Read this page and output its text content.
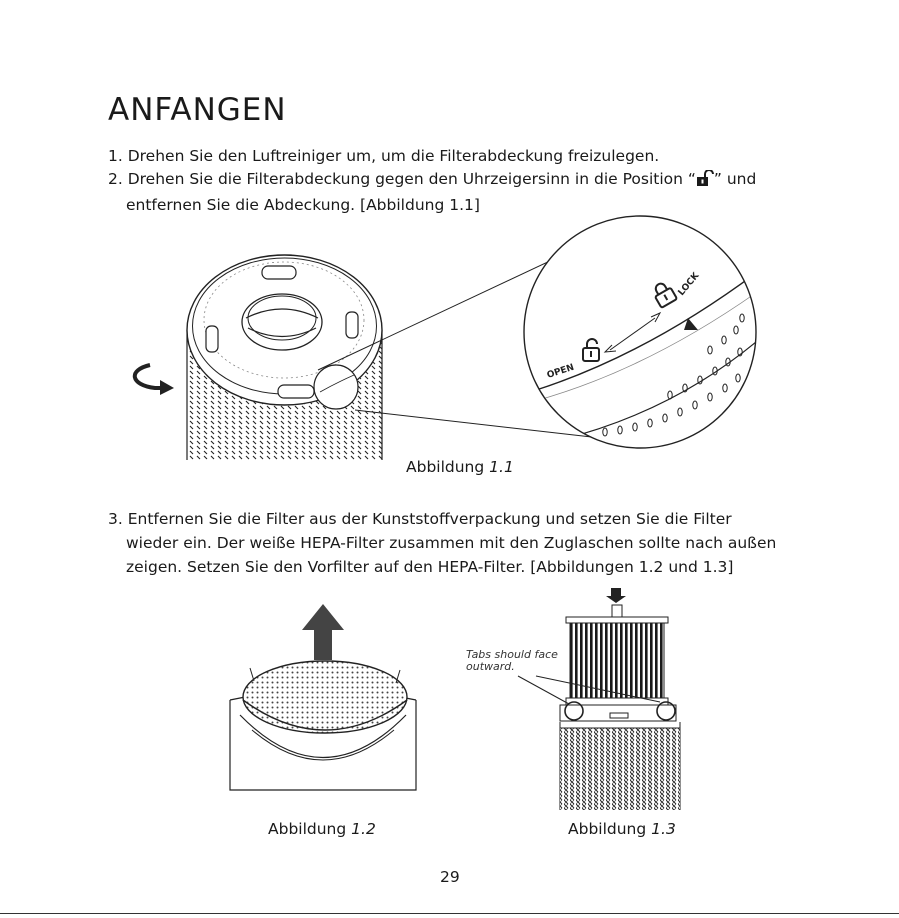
ANFANGEN

1. Drehen Sie den Luftreiniger um, um die Filterabdeckung freizulegen.

2. Drehen Sie die Filterabdeckung gegen den Uhrzeigersinn in die Position “ ” und
entfernen Sie die Abdeckung. [Abbildung 1.1]

OPEN
LOCK
Abbildung 1.1

3. Entfernen Sie die Filter aus der Kunststoffverpackung und setzen Sie die Filter
wieder ein. Der weiße HEPA-Filter zusammen mit den Zuglaschen sollte nach außen
zeigen. Setzen Sie den Vorfilter auf den HEPA-Filter. [Abbildungen 1.2 und 1.3]

Tabs should face
outward.
Abbildung 1.2	Abbildung 1.3
29
